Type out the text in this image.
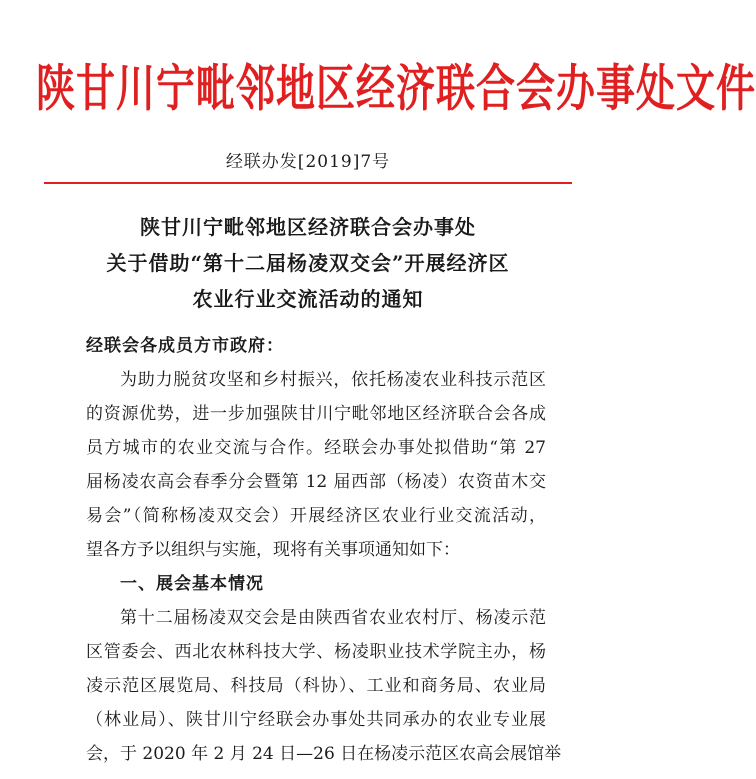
陕甘川宁毗邻地区经济联合会办事处文件
经联办发[2019]7号
陕甘川宁毗邻地区经济联合会办事处
关于借助“第十二届杨凌双交会”开展经济区
农业行业交流活动的通知
经联会各成员方市政府：
为助力脱贫攻坚和乡村振兴，依托杨凌农业科技示范区
的资源优势，进一步加强陕甘川宁毗邻地区经济联合会各成
员方城市的农业交流与合作。经联会办事处拟借助“第 27
届杨凌农高会春季分会暨第 12 届西部（杨凌）农资苗木交
易会”（简称杨凌双交会）开展经济区农业行业交流活动，
望各方予以组织与实施，现将有关事项通知如下：
一、展会基本情况
第十二届杨凌双交会是由陕西省农业农村厅、杨凌示范
区管委会、西北农林科技大学、杨凌职业技术学院主办，杨
凌示范区展览局、科技局（科协）、工业和商务局、农业局
（林业局）、陕甘川宁经联会办事处共同承办的农业专业展
会，于 2020 年 2 月 24 日—26 日在杨凌示范区农高会展馆举
